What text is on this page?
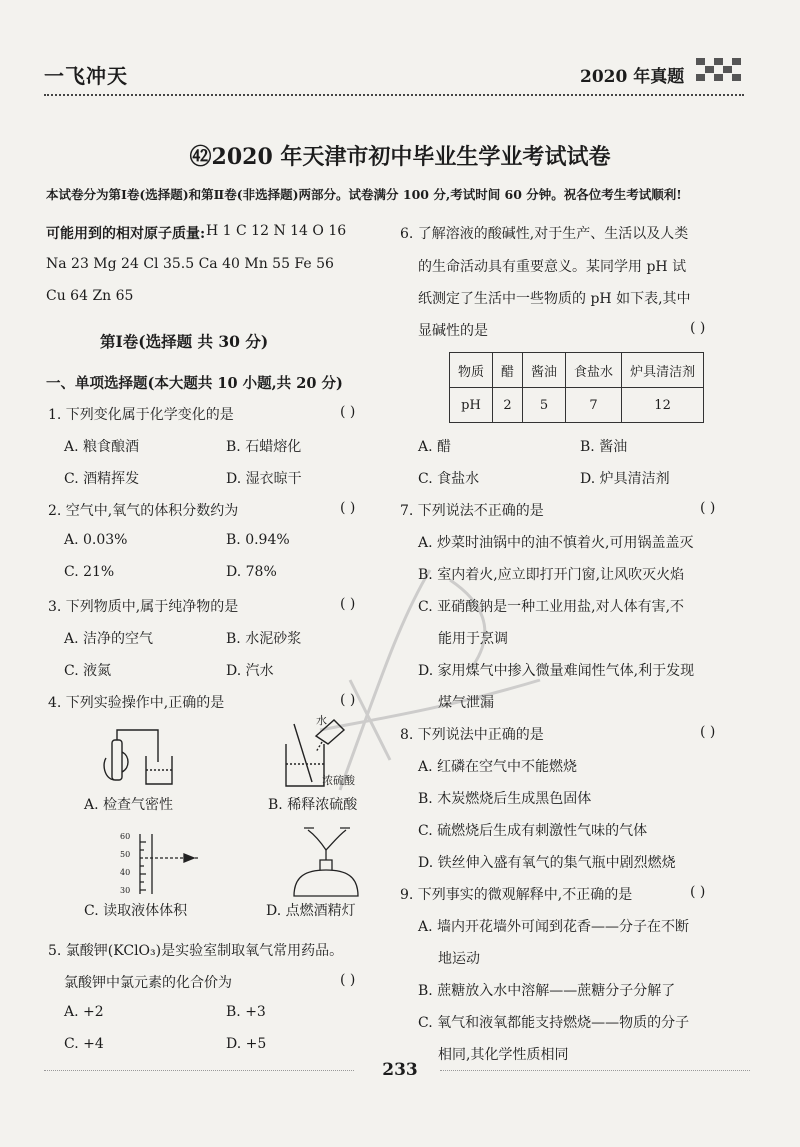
一飞冲天	2020 年真题
㊷2020 年天津市初中毕业生学业考试试卷
本试卷分为第Ⅰ卷(选择题)和第Ⅱ卷(非选择题)两部分。试卷满分 100 分,考试时间 60 分钟。祝各位考生考试顺利!
可能用到的相对原子质量: H 1 C 12 N 14 O 16
Na 23 Mg 24 Cl 35.5 Ca 40 Mn 55 Fe 56
Cu 64 Zn 65
第Ⅰ卷(选择题 共 30 分)
一、单项选择题(本大题共 10 小题,共 20 分)
1. 下列变化属于化学变化的是	( )
A. 粮食酿酒	B. 石蜡熔化
C. 酒精挥发	D. 湿衣晾干
2. 空气中,氧气的体积分数约为	( )
A. 0.03%	B. 0.94%
C. 21%	D. 78%
3. 下列物质中,属于纯净物的是	( )
A. 洁净的空气	B. 水泥砂浆
C. 液氮	D. 汽水
4. 下列实验操作中,正确的是	( )
A. 检查气密性
水
浓硫酸
B. 稀释浓硫酸
60
50
40
30
C. 读取液体体积	D. 点燃酒精灯
5. 氯酸钾(KClO₃)是实验室制取氧气常用药品。
氯酸钾中氯元素的化合价为	( )
A. +2	B. +3
C. +4	D. +5
6. 了解溶液的酸碱性,对于生产、生活以及人类
的生命活动具有重要意义。某同学用 pH 试
纸测定了生活中一些物质的 pH 如下表,其中
显碱性的是	( )
物质	醋	酱油	食盐水	炉具清洁剂
pH	2	5	7	12
A. 醋	B. 酱油
C. 食盐水	D. 炉具清洁剂
7. 下列说法不正确的是	( )
A. 炒菜时油锅中的油不慎着火,可用锅盖盖灭
B. 室内着火,应立即打开门窗,让风吹灭火焰
C. 亚硝酸钠是一种工业用盐,对人体有害,不
能用于烹调
D. 家用煤气中掺入微量难闻性气体,利于发现
煤气泄漏
8. 下列说法中正确的是	( )
A. 红磷在空气中不能燃烧
B. 木炭燃烧后生成黑色固体
C. 硫燃烧后生成有刺激性气味的气体
D. 铁丝伸入盛有氧气的集气瓶中剧烈燃烧
9. 下列事实的微观解释中,不正确的是	( )
A. 墙内开花墙外可闻到花香——分子在不断
地运动
B. 蔗糖放入水中溶解——蔗糖分子分解了
C. 氧气和液氧都能支持燃烧——物质的分子
相同,其化学性质相同
233
